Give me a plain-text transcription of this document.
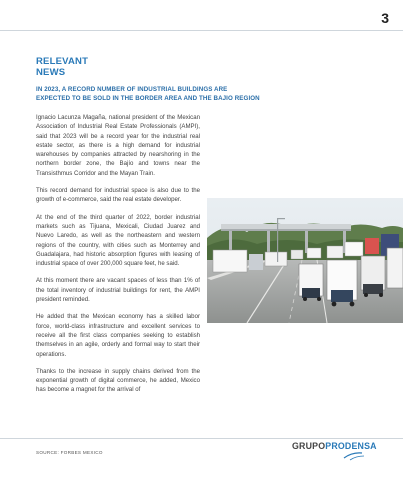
3
RELEVANT
NEWS
IN 2023, A RECORD NUMBER OF INDUSTRIAL BUILDINGS ARE
EXPECTED TO BE SOLD IN THE BORDER AREA AND THE BAJIO REGION

Ignacio Lacunza Magaña, national president of the Mexican Association of Industrial Real Estate Professionals (AMPI), said that 2023 will be a record year for the industrial real estate sector, as there is a high demand for industrial warehouses by companies attracted by nearshoring in the northern border zone, the Bajío and towns near the Transisthmus Corridor and the Mayan Train.

This record demand for industrial space is also due to the growth of e-commerce, said the real estate developer.

At the end of the third quarter of 2022, border industrial markets such as Tijuana, Mexicali, Ciudad Juarez and Nuevo Laredo, as well as the northeastern and western regions of the country, with cities such as Monterrey and Guadalajara, had historic absorption figures with leasing of industrial space of over 200,000 square feet, he said.

At this moment there are vacant spaces of less than 1% of the total inventory of industrial buildings for rent, the AMPI president reminded.

He added that the Mexican economy has a skilled labor force, world-class infrastructure and excellent services to receive all the first class companies seeking to establish themselves in an agile, orderly and formal way to start their operations.

Thanks to the increase in supply chains derived from the exponential growth of digital commerce, he added, Mexico has become a magnet for the arrival of

SOURCE: FORBES MEXICO
GRUPOPRODENSA
